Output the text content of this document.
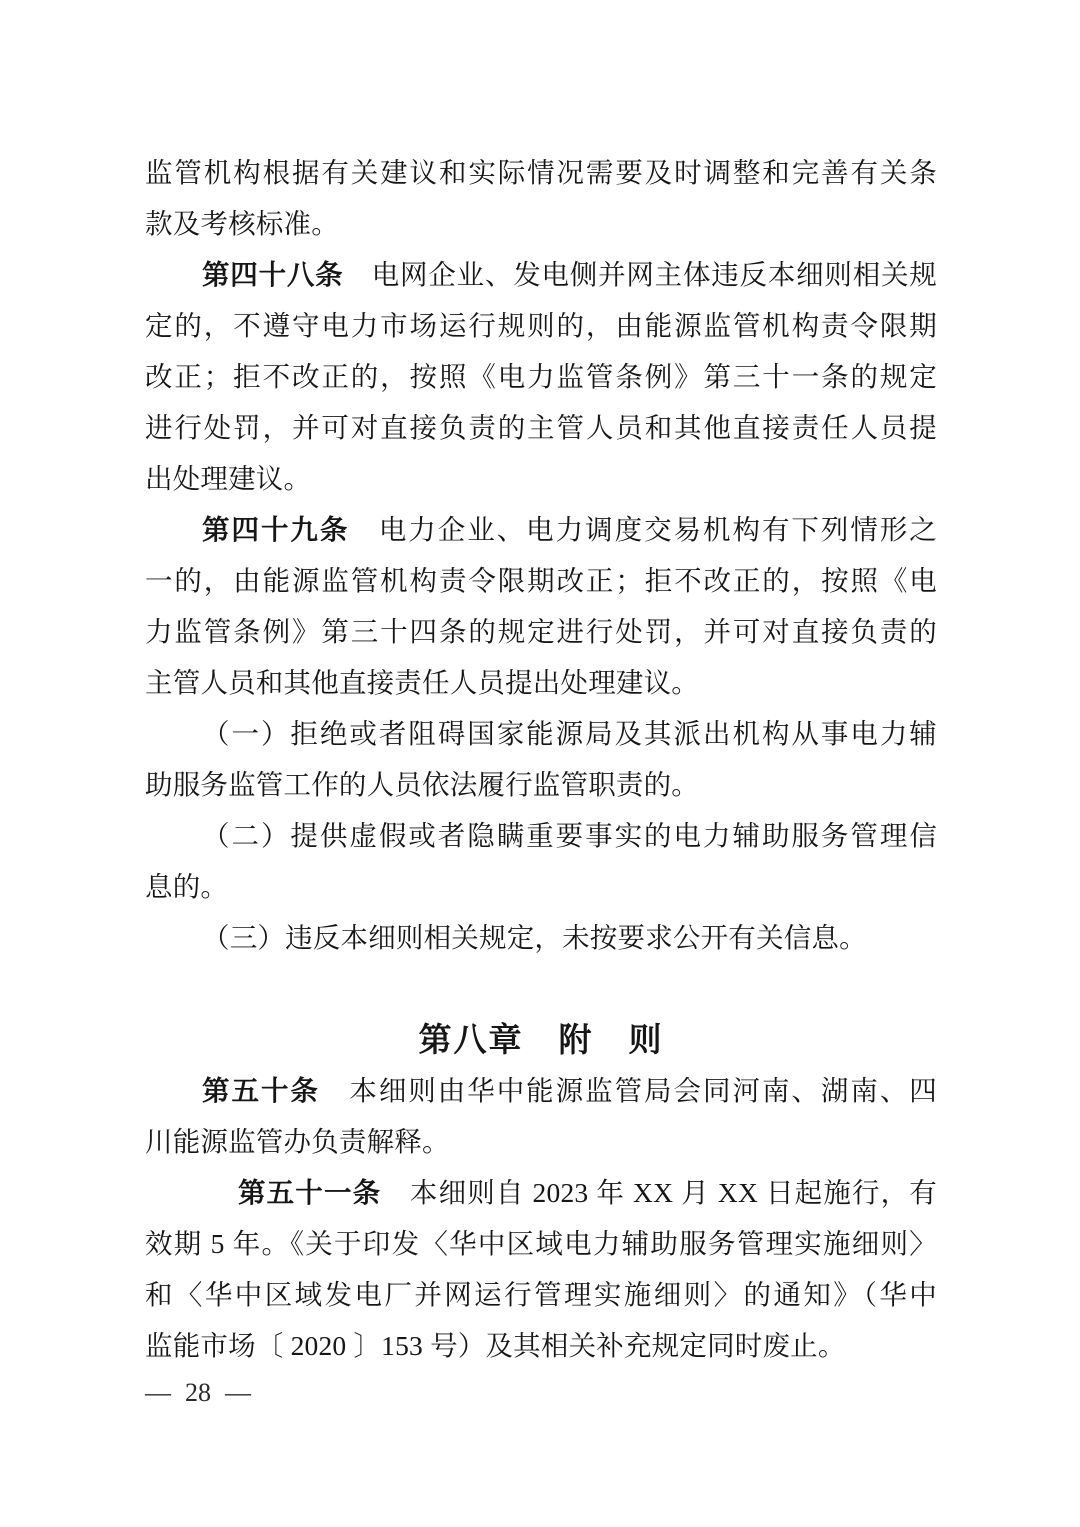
监管机构根据有关建议和实际情况需要及时调整和完善有关条
款及考核标准。
第四十八条　电网企业、发电侧并网主体违反本细则相关规
定的，不遵守电力市场运行规则的，由能源监管机构责令限期
改正；拒不改正的，按照《电力监管条例》第三十一条的规定
进行处罚，并可对直接负责的主管人员和其他直接责任人员提
出处理建议。
第四十九条　电力企业、电力调度交易机构有下列情形之
一的，由能源监管机构责令限期改正；拒不改正的，按照《电
力监管条例》第三十四条的规定进行处罚，并可对直接负责的
主管人员和其他直接责任人员提出处理建议。
（一）拒绝或者阻碍国家能源局及其派出机构从事电力辅
助服务监管工作的人员依法履行监管职责的。
（二）提供虚假或者隐瞒重要事实的电力辅助服务管理信
息的。
（三）违反本细则相关规定，未按要求公开有关信息。
第八章　附　则
第五十条　本细则由华中能源监管局会同河南、湖南、四
川能源监管办负责解释。
第五十一条　本细则自 2023 年 XX 月 XX 日起施行，有
效期 5 年。《关于印发〈华中区域电力辅助服务管理实施细则〉
和〈华中区域发电厂并网运行管理实施细则〉的通知》（华中
监能市场〔 2020 〕153 号）及其相关补充规定同时废止。
— 28 —
